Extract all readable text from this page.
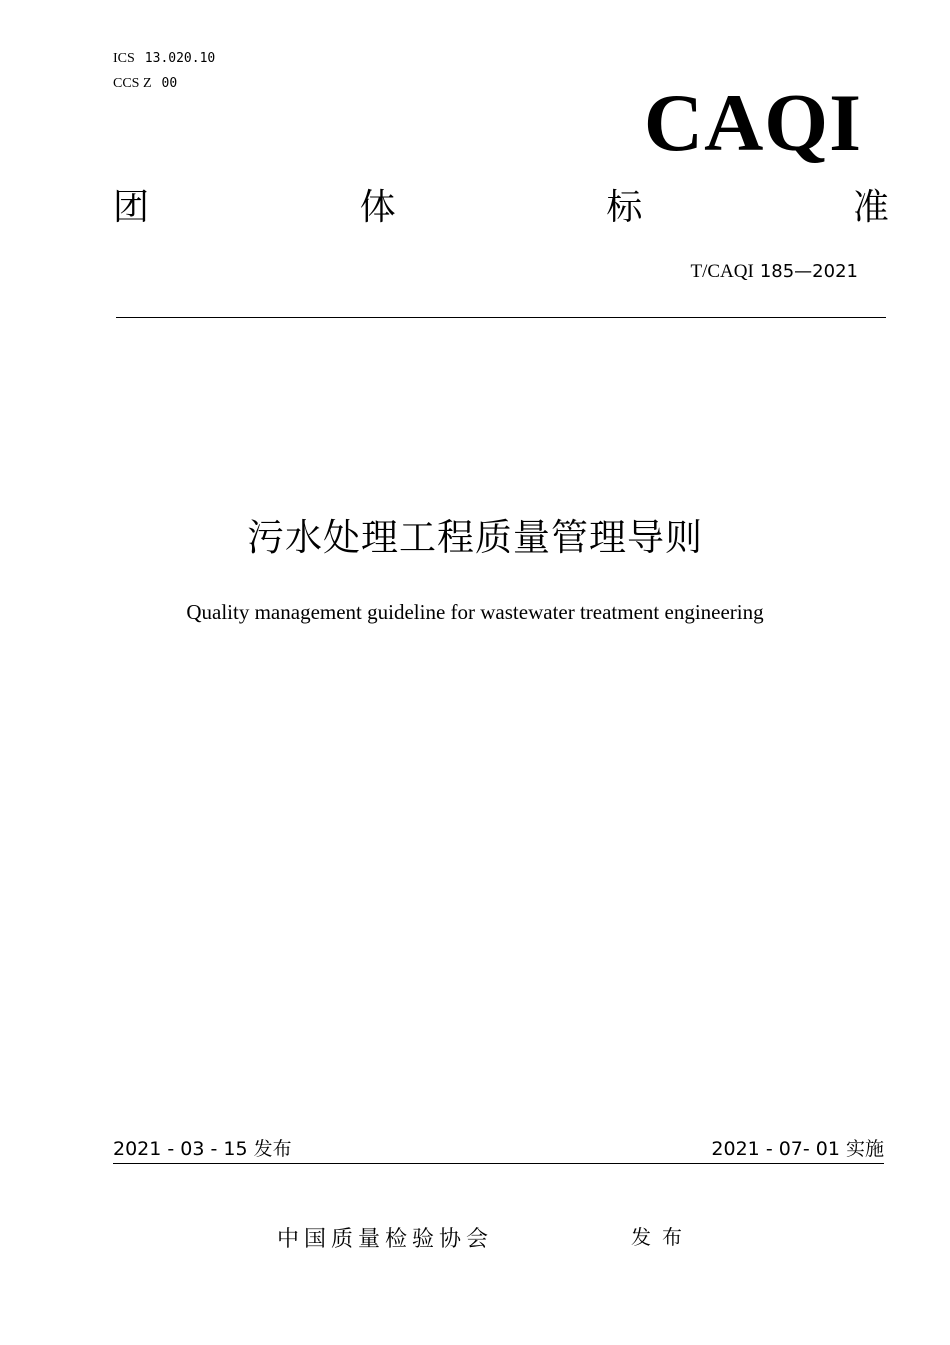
ICS 13.020.10
CCS Z 00	CAQI
团	体	标	准
T/CAQI 185—2021
污水处理工程质量管理导则
Quality management guideline for wastewater treatment engineering
2021 - 03 - 15 发布	2021 - 07- 01 实施
中国质量检验协会	发布
